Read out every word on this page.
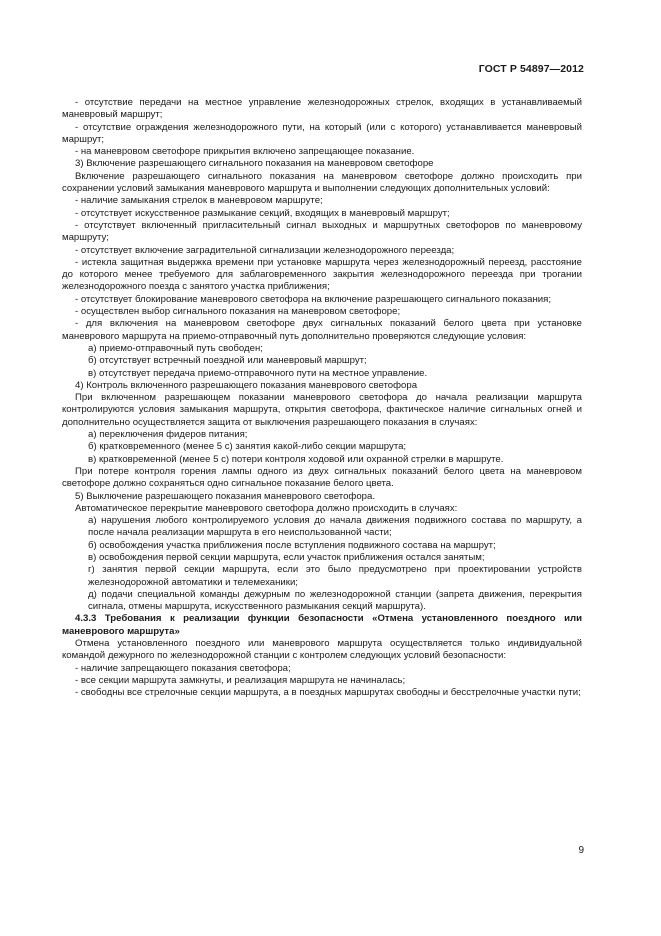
ГОСТ Р 54897—2012

- отсутствие передачи на местное управление железнодорожных стрелок, входящих в устанавливаемый маневровый маршрут;

- отсутствие ограждения железнодорожного пути, на который (или с которого) устанавливается маневровый маршрут;

- на маневровом светофоре прикрытия включено запрещающее показание.

3) Включение разрешающего сигнального показания на маневровом светофоре

Включение разрешающего сигнального показания на маневровом светофоре должно происходить при сохранении условий замыкания маневрового маршрута и выполнении следующих дополнительных условий:

- наличие замыкания стрелок в маневровом маршруте;

- отсутствует искусственное размыкание секций, входящих в маневровый маршрут;

- отсутствует включенный пригласительный сигнал выходных и маршрутных светофоров по маневровому маршруту;

- отсутствует включение заградительной сигнализации железнодорожного переезда;

- истекла защитная выдержка времени при установке маршрута через железнодорожный переезд, расстояние до которого менее требуемого для заблаговременного закрытия железнодорожного переезда при трогании железнодорожного поезда с занятого участка приближения;

- отсутствует блокирование маневрового светофора на включение разрешающего сигнального показания;

- осуществлен выбор сигнального показания на маневровом светофоре;

- для включения на маневровом светофоре двух сигнальных показаний белого цвета при установке маневрового маршрута на приемо-отправочный путь дополнительно проверяются следующие условия:

а) приемо-отправочный путь свободен;

б) отсутствует встречный поездной или маневровый маршрут;

в) отсутствует передача приемо-отправочного пути на местное управление.

4) Контроль включенного разрешающего показания маневрового светофора

При включенном разрешающем показании маневрового светофора до начала реализации маршрута контролируются условия замыкания маршрута, открытия светофора, фактическое наличие сигнальных огней и дополнительно осуществляется защита от выключения разрешающего показания в случаях:

а) переключения фидеров питания;

б) кратковременного (менее 5 с) занятия какой-либо секции маршрута;

в) кратковременной (менее 5 с) потери контроля ходовой или охранной стрелки в маршруте.

При потере контроля горения лампы одного из двух сигнальных показаний белого цвета на маневровом светофоре должно сохраняться одно сигнальное показание белого цвета.

5) Выключение разрешающего показания маневрового светофора.

Автоматическое перекрытие маневрового светофора должно происходить в случаях:

а) нарушения любого контролируемого условия до начала движения подвижного состава по маршруту, а после начала реализации маршрута в его неиспользованной части;

б) освобождения участка приближения после вступления подвижного состава на маршрут;

в) освобождения первой секции маршрута, если участок приближения остался занятым;

г) занятия первой секции маршрута, если это было предусмотрено при проектировании устройств железнодорожной автоматики и телемеханики;

д) подачи специальной команды дежурным по железнодорожной станции (запрета движения, перекрытия сигнала, отмены маршрута, искусственного размыкания секций маршрута).

4.3.3 Требования к реализации функции безопасности «Отмена установленного поездного или маневрового маршрута»

Отмена установленного поездного или маневрового маршрута осуществляется только индивидуальной командой дежурного по железнодорожной станции с контролем следующих условий безопасности:

- наличие запрещающего показания светофора;

- все секции маршрута замкнуты, и реализация маршрута не начиналась;

- свободны все стрелочные секции маршрута, а в поездных маршрутах свободны и бесстрелочные участки пути;

9
